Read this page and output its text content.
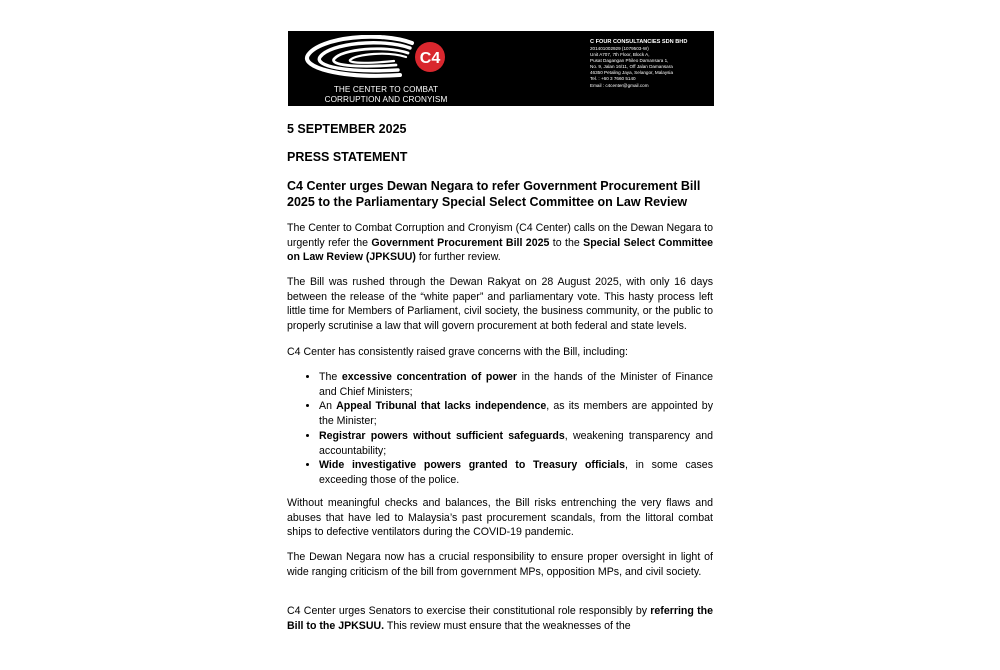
C4
THE CENTER TO COMBAT
CORRUPTION AND CRONYISM
C FOUR CONSULTANCIES SDN BHD
201401002929 (1079503-W)
Unit A707, 7th Floor, Block A,
Pusat Dagangan Phileo Damansara 1,
No. 9, Jalan 16/11, Off Jalan Damansara
46350 Petaling Jaya, Selangor, Malaysia
Tel. : +60 3 7660 5140
Email : c4center@gmail.com
5 SEPTEMBER 2025
PRESS STATEMENT
C4 Center urges Dewan Negara to refer Government Procurement Bill 2025 to the Parliamentary Special Select Committee on Law Review

The Center to Combat Corruption and Cronyism (C4 Center) calls on the Dewan Negara to urgently refer the Government Procurement Bill 2025 to the Special Select Committee on Law Review (JPKSUU) for further review.

The Bill was rushed through the Dewan Rakyat on 28 August 2025, with only 16 days between the release of the “white paper” and parliamentary vote. This hasty process left little time for Members of Parliament, civil society, the business community, or the public to properly scrutinise a law that will govern procurement at both federal and state levels.

C4 Center has consistently raised grave concerns with the Bill, including:

• The excessive concentration of power in the hands of the Minister of Finance and Chief Ministers;
• An Appeal Tribunal that lacks independence, as its members are appointed by the Minister;
• Registrar powers without sufficient safeguards, weakening transparency and accountability;
• Wide investigative powers granted to Treasury officials, in some cases exceeding those of the police.

Without meaningful checks and balances, the Bill risks entrenching the very flaws and abuses that have led to Malaysia’s past procurement scandals, from the littoral combat ships to defective ventilators during the COVID-19 pandemic.

The Dewan Negara now has a crucial responsibility to ensure proper oversight in light of wide ranging criticism of the bill from government MPs, opposition MPs, and civil society.

C4 Center urges Senators to exercise their constitutional role responsibly by referring the Bill to the JPKSUU. This review must ensure that the weaknesses of the
